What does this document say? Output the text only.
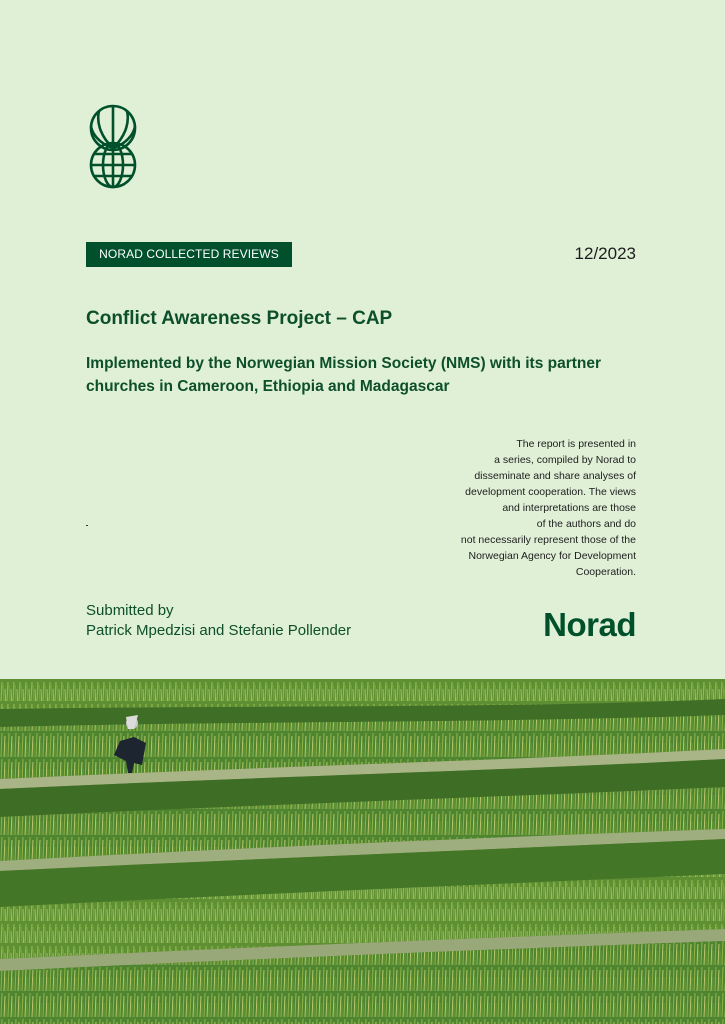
NORAD COLLECTED REVIEWS	12/2023
Conflict Awareness Project – CAP
Implemented by the Norwegian Mission Society (NMS) with its partner churches in Cameroon, Ethiopia and Madagascar
The report is presented in
a series, compiled by Norad to
disseminate and share analyses of
development cooperation. The views
and interpretations are those
of the authors and do
not necessarily represent those of the
Norwegian Agency for Development
Cooperation.
Submitted by
Patrick Mpedzisi and Stefanie Pollender	Norad
